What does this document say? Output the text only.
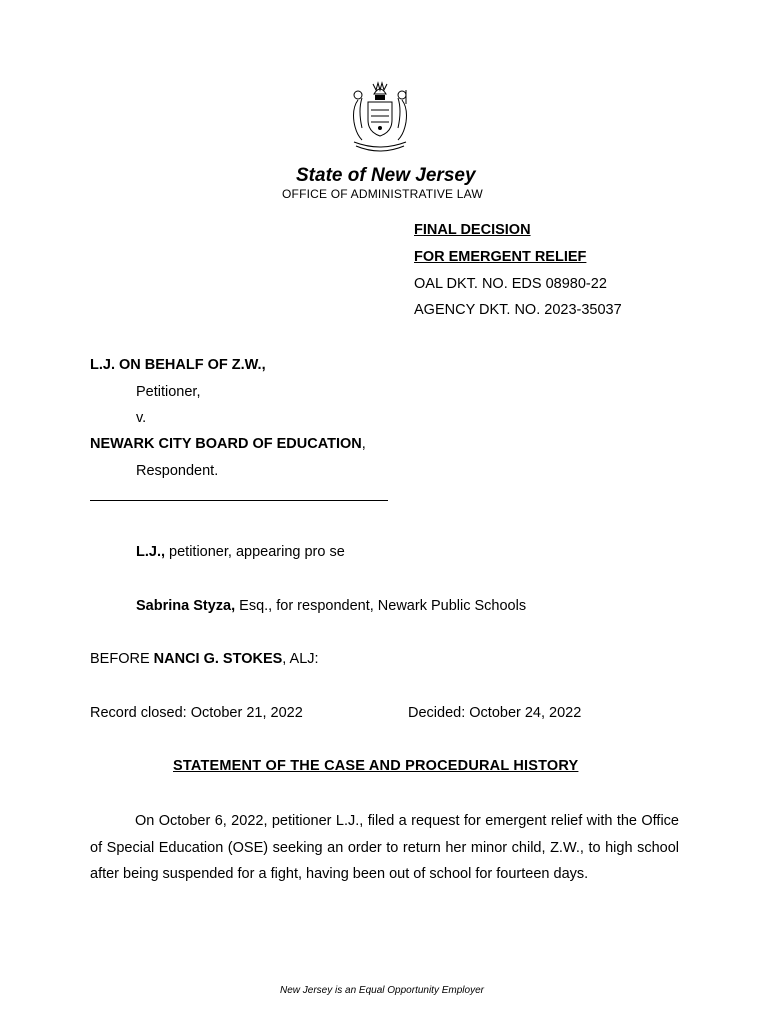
State of New Jersey
OFFICE OF ADMINISTRATIVE LAW
FINAL DECISION
FOR EMERGENT RELIEF
OAL DKT. NO. EDS 08980-22
AGENCY DKT. NO. 2023-35037
L.J. ON BEHALF OF Z.W.,
Petitioner,
v.
NEWARK CITY BOARD OF EDUCATION,
Respondent.
L.J., petitioner, appearing pro se
Sabrina Styza, Esq., for respondent, Newark Public Schools
BEFORE NANCI G. STOKES, ALJ:
Record closed: October 21, 2022	Decided: October 24, 2022
STATEMENT OF THE CASE AND PROCEDURAL HISTORY
On October 6, 2022, petitioner L.J., filed a request for emergent relief with the Office of Special Education (OSE) seeking an order to return her minor child, Z.W., to high school after being suspended for a fight, having been out of school for fourteen days.
New Jersey is an Equal Opportunity Employer
